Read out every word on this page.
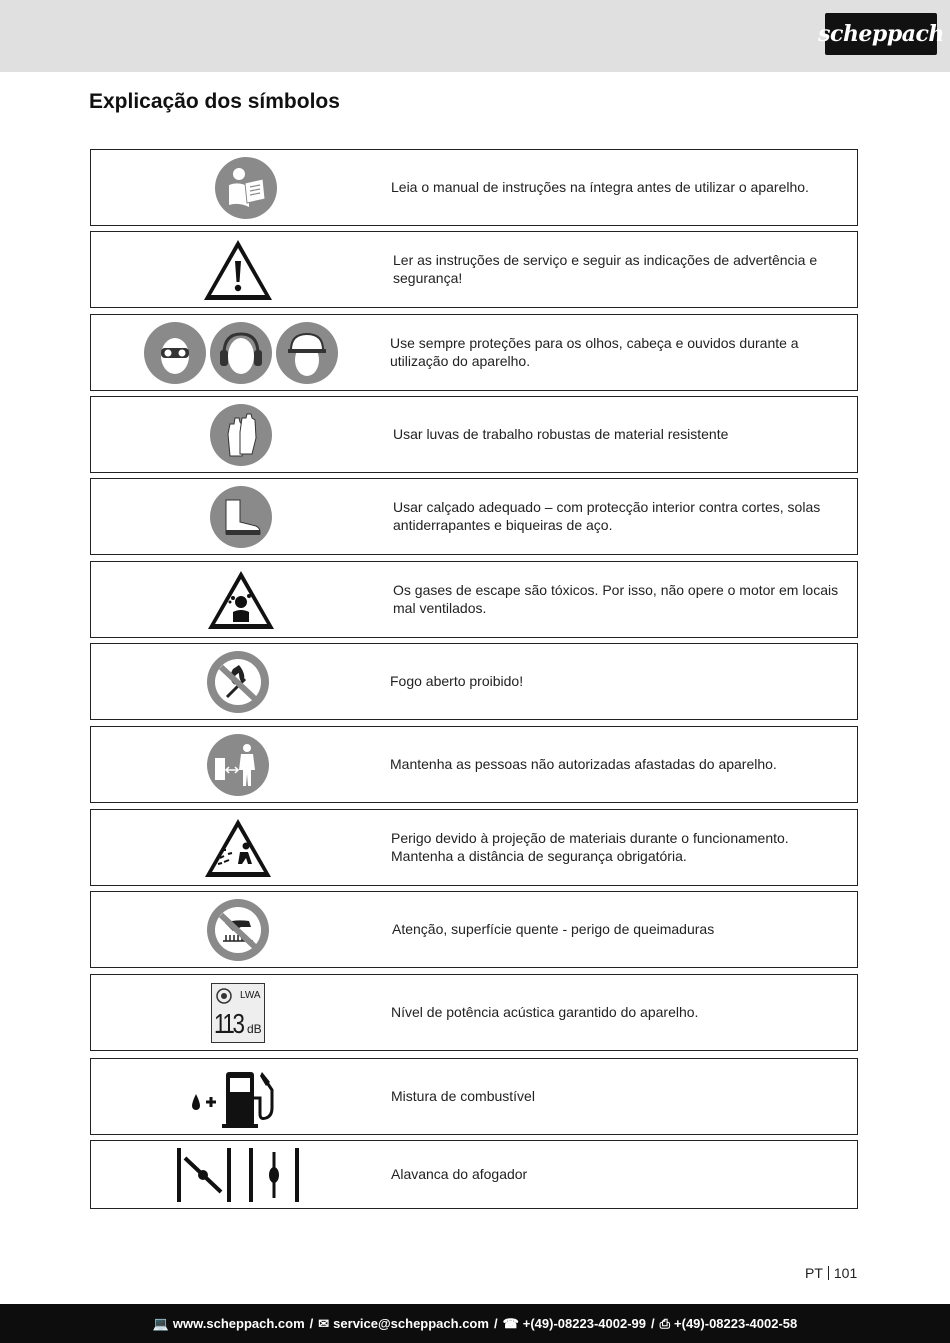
scheppach
Explicação dos símbolos
Leia o manual de instruções na íntegra antes de utilizar o aparelho.
Ler as instruções de serviço e seguir as indicações de advertência e segurança!
Use sempre proteções para os olhos, cabeça e ouvidos durante a utilização do aparelho.
Usar luvas de trabalho robustas de material resistente
Usar calçado adequado – com protecção interior contra cortes, solas antiderrapantes e biqueiras de aço.
Os gases de escape são tóxicos. Por isso, não opere o motor em locais mal ventilados.
Fogo aberto proibido!
Mantenha as pessoas não autorizadas afastadas do aparelho.
Perigo devido à projeção de materiais durante o funcionamento. Mantenha a distância de segurança obrigatória.
Atenção, superfície quente - perigo de queimaduras
LWA
113 dB
Nível de potência acústica garantido do aparelho.
Mistura de combustível
Alavanca do afogador
PT 101
💻 www.scheppach.com / ✉ service@scheppach.com / ☎ +(49)-08223-4002-99 / ⎙ +(49)-08223-4002-58
